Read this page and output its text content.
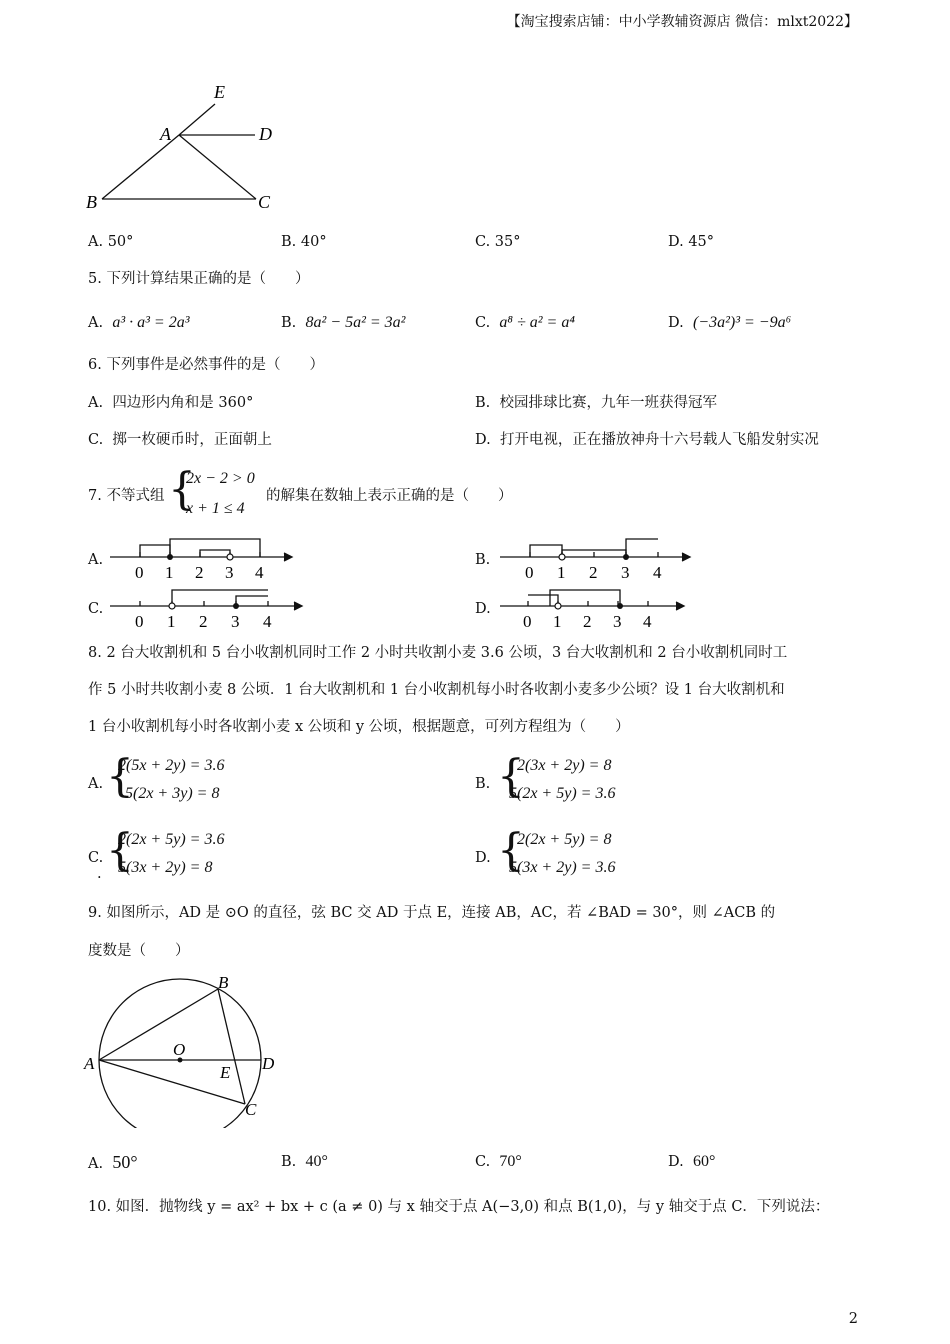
【淘宝搜索店铺：中小学教辅资源店 微信：mlxt2022】
E
A	D
B	C
A. 50°	B. 40°	C. 35°	D. 45°
5. 下列计算结果正确的是（　　）
A. a³ · a³ = 2a³	B. 8a² − 5a² = 3a²	C. a⁸ ÷ a² = a⁴	D. (−3a²)³ = −9a⁶
6. 下列事件是必然事件的是（　　）
A. 四边形内角和是 360°	B. 校园排球比赛，九年一班获得冠军
C. 掷一枚硬币时，正面朝上	D. 打开电视，正在播放神舟十六号载人飞船发射实况
7. 不等式组 {
2x − 2 > 0
x + 1 ≤ 4
的解集在数轴上表示正确的是（　　）
A.	B.
C.	D.
0 1 2 3 4	0 1 2 3 4
0 1 2 3 4	0 1 2 3 4
8. 2 台大收割机和 5 台小收割机同时工作 2 小时共收割小麦 3.6 公顷，3 台大收割机和 2 台小收割机同时工
作 5 小时共收割小麦 8 公顷．1 台大收割机和 1 台小收割机每小时各收割小麦多少公顷？设 1 台大收割机和
1 台小收割机每小时各收割小麦 x 公顷和 y 公顷，根据题意，可列方程组为（　　）
A. {
2(5x + 2y) = 3.6
5(2x + 3y) = 8
B. {
2(3x + 2y) = 8
5(2x + 5y) = 3.6
C.
. {
2(2x + 5y) = 3.6
5(3x + 2y) = 8
D. {
2(2x + 5y) = 8
5(3x + 2y) = 3.6
9. 如图所示，AD 是 ⊙O 的直径，弦 BC 交 AD 于点 E，连接 AB，AC，若 ∠BAD = 30°，则 ∠ACB 的
度数是（　　）
A
B
C
D
E
O
A. 50°	B. 40°	C. 70°	D. 60°
10. 如图．抛物线 y = ax² + bx + c (a ≠ 0) 与 x 轴交于点 A(−3,0) 和点 B(1,0)，与 y 轴交于点 C．下列说法：
2
